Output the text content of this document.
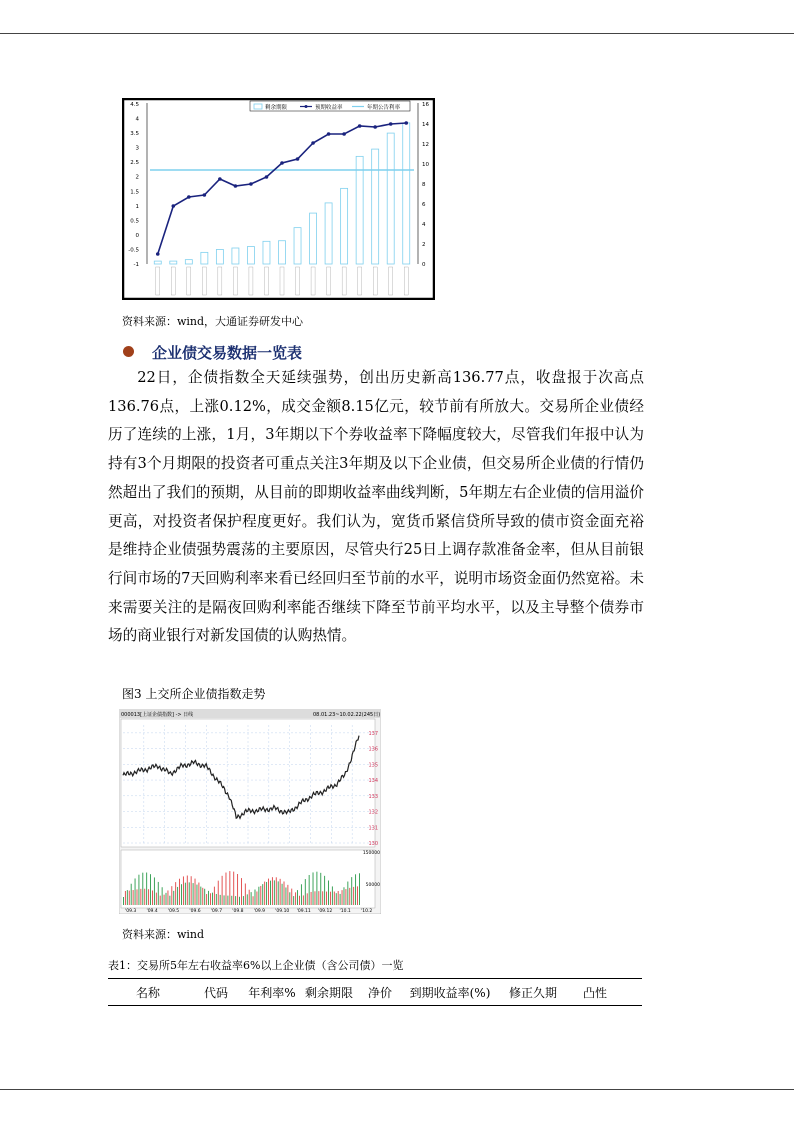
4.5
4
3.5
3
2.5
2
1.5
1
0.5
0
-0.5
-1
16
14
12
10
8
6
4
2
0
剩余期限	预期收益率	年期公告利率
资料来源：wind，大通证券研发中心
企业债交易数据一览表

22日，企债指数全天延续强势，创出历史新高136.77点，收盘报于次高点136.76点，上涨0.12%，成交金额8.15亿元，较节前有所放大。交易所企业债经历了连续的上涨，1月，3年期以下个券收益率下降幅度较大，尽管我们年报中认为持有3个月期限的投资者可重点关注3年期及以下企业债，但交易所企业债的行情仍然超出了我们的预期，从目前的即期收益率曲线判断，5年期左右企业债的信用溢价更高，对投资者保护程度更好。我们认为，宽货币紧信贷所导致的债市资金面充裕是维持企业债强势震荡的主要原因，尽管央行25日上调存款准备金率，但从目前银行间市场的7天回购利率来看已经回归至节前的水平，说明市场资金面仍然宽裕。未来需要关注的是隔夜回购利率能否继续下降至节前平均水平，以及主导整个债券市场的商业银行对新发国债的认购热情。

图3 上交所企业债指数走势
000013[上证企债指数] -> 日线	08.01.23~10.02.22(245日)
137
136
135
134
133
132
131
130
150000
50000
'09.3 '09.4 '09.5 '09.6 '09.7 '09.8 '09.9 '09.10 '09.11 '09.12 '10.1 '10.2
资料来源：wind
表1：交易所5年左右收益率6%以上企业债（含公司债）一览
名称	代码	年利率% 剩余期限	净价	到期收益率(%)	修正久期	凸性
